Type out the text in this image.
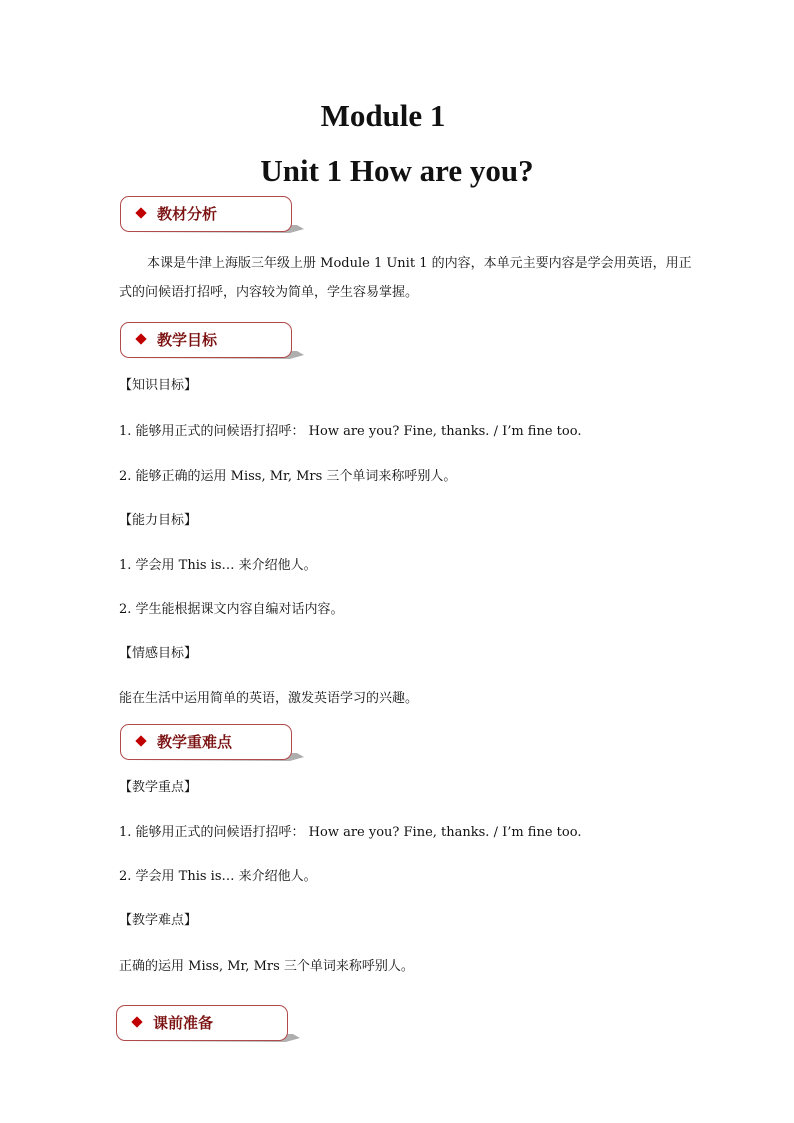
Module 1
Unit 1 How are you?
教材分析
本课是牛津上海版三年级上册 Module 1 Unit 1 的内容，本单元主要内容是学会用英语，用正式的问候语打招呼，内容较为简单，学生容易掌握。
教学目标
【知识目标】
1. 能够用正式的问候语打招呼： How are you? Fine, thanks. / I’m fine too.
2. 能够正确的运用 Miss, Mr, Mrs 三个单词来称呼别人。
【能力目标】
1. 学会用 This is… 来介绍他人。
2. 学生能根据课文内容自编对话内容。
【情感目标】
能在生活中运用简单的英语，激发英语学习的兴趣。
教学重难点
【教学重点】
1. 能够用正式的问候语打招呼： How are you? Fine, thanks. / I’m fine too.
2. 学会用 This is… 来介绍他人。
【教学难点】
正确的运用 Miss, Mr, Mrs 三个单词来称呼别人。
课前准备
